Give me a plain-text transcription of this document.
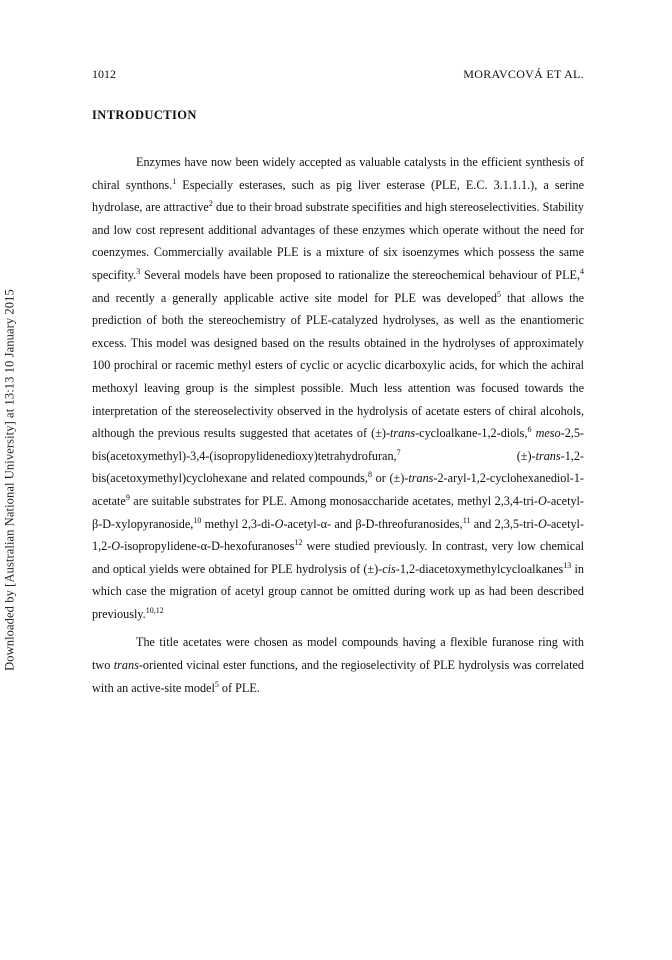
Downloaded by [Australian National University] at 13:13 10 January 2015
1012	MORAVCOVÁ ET AL.
INTRODUCTION

Enzymes have now been widely accepted as valuable catalysts in the efficient synthesis of chiral synthons.$^1$ Especially esterases, such as pig liver esterase (PLE, E.C. 3.1.1.1.), a serine hydrolase, are attractive$^2$ due to their broad substrate specifities and high stereoselectivities. Stability and low cost represent additional advantages of these enzymes which operate without the need for coenzymes. Commercially available PLE is a mixture of six isoenzymes which possess the same specifity.$^3$ Several models have been proposed to rationalize the stereochemical behaviour of PLE,$^4$ and recently a generally applicable active site model for PLE was developed$^5$ that allows the prediction of both the stereochemistry of PLE-catalyzed hydrolyses, as well as the enantiomeric excess. This model was designed based on the results obtained in the hydrolyses of approximately 100 prochiral or racemic methyl esters of cyclic or acyclic dicarboxylic acids, for which the achiral methoxyl leaving group is the simplest possible. Much less attention was focused towards the interpretation of the stereoselectivity observed in the hydrolysis of acetate esters of chiral alcohols, although the previous results suggested that acetates of (±)-trans-cycloalkane-1,2-diols,$^6$ meso-2,5-bis(acetoxymethyl)-3,4-(isopropylidenedioxy)tetrahydrofuran,$^7$ (±)-trans-1,2-bis(acetoxymethyl)cyclohexane and related compounds,$^8$ or (±)-trans-2-aryl-1,2-cyclohexanediol-1-acetate$^9$ are suitable substrates for PLE. Among monosaccharide acetates, methyl 2,3,4-tri-O-acetyl-β-D-xylopyranoside,$^{10}$ methyl 2,3-di-O-acetyl-α- and β-D-threofuranosides,$^{11}$ and 2,3,5-tri-O-acetyl-1,2-O-isopropylidene-α-D-hexofuranoses$^{12}$ were studied previously. In contrast, very low chemical and optical yields were obtained for PLE hydrolysis of (±)-cis-1,2-diacetoxymethylcycloalkanes$^{13}$ in which case the migration of acetyl group cannot be omitted during work up as had been described previously.$^{10,12}$

The title acetates were chosen as model compounds having a flexible furanose ring with two trans-oriented vicinal ester functions, and the regioselectivity of PLE hydrolysis was correlated with an active-site model$^5$ of PLE.
